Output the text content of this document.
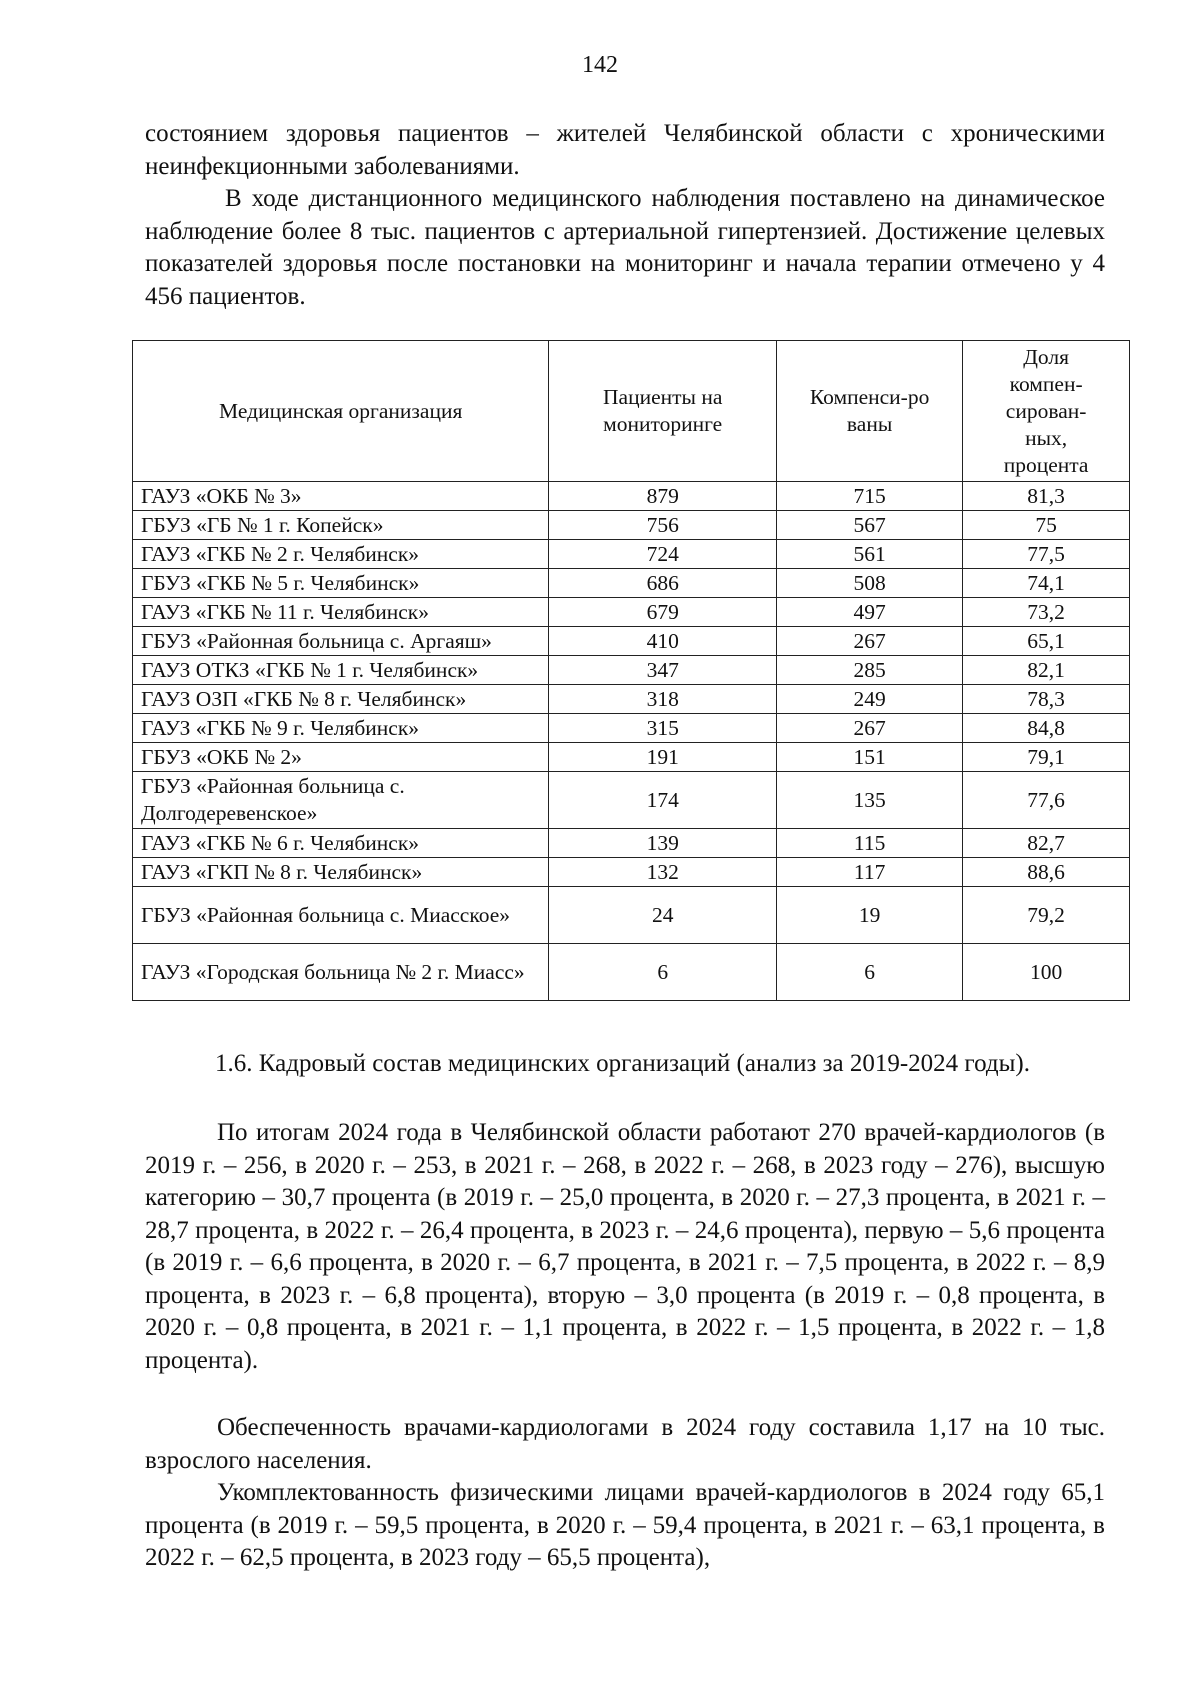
142

состоянием здоровья пациентов – жителей Челябинской области с хроническими неинфекционными заболеваниями.

В ходе дистанционного медицинского наблюдения поставлено на динамическое наблюдение более 8 тыс. пациентов с артериальной гипертензией. Достижение целевых показателей здоровья после постановки на мониторинг и начала терапии отмечено у 4 456 пациентов.

Медицинская организация	Пациенты на мониторинге	Компенси-рованы	Доля компен-сирован-ных, процента

ГАУЗ «ОКБ № 3»	879	715	81,3
ГБУЗ «ГБ № 1 г. Копейск»	756	567	75
ГАУЗ «ГКБ № 2 г. Челябинск»	724	561	77,5
ГБУЗ «ГКБ № 5 г. Челябинск»	686	508	74,1
ГАУЗ «ГКБ № 11 г. Челябинск»	679	497	73,2
ГБУЗ «Районная больница с. Аргаяш»	410	267	65,1
ГАУЗ ОТКЗ «ГКБ № 1 г. Челябинск»	347	285	82,1
ГАУЗ ОЗП «ГКБ № 8 г. Челябинск»	318	249	78,3
ГАУЗ «ГКБ № 9 г. Челябинск»	315	267	84,8
ГБУЗ «ОКБ № 2»	191	151	79,1
ГБУЗ «Районная больница с. Долгодеревенское»	174	135	77,6
ГАУЗ «ГКБ № 6 г. Челябинск»	139	115	82,7
ГАУЗ «ГКП № 8 г. Челябинск»	132	117	88,6
ГБУЗ «Районная больница с. Миасское»	24	19	79,2
ГАУЗ «Городская больница № 2 г. Миасс»	6	6	100

1.6. Кадровый состав медицинских организаций (анализ за 2019-2024 годы).

По итогам 2024 года в Челябинской области работают 270 врачей-кардиологов (в 2019 г. – 256, в 2020 г. – 253, в 2021 г. – 268, в 2022 г. – 268, в 2023 году – 276), высшую категорию – 30,7 процента (в 2019 г. – 25,0 процента, в 2020 г. – 27,3 процента, в 2021 г. – 28,7 процента, в 2022 г. – 26,4 процента, в 2023 г. – 24,6 процента), первую – 5,6 процента (в 2019 г. – 6,6 процента, в 2020 г. – 6,7 процента, в 2021 г. – 7,5 процента, в 2022 г. – 8,9 процента, в 2023 г. – 6,8 процента), вторую – 3,0 процента (в 2019 г. – 0,8 процента, в 2020 г. – 0,8 процента, в 2021 г. – 1,1 процента, в 2022 г. – 1,5 процента, в 2022 г. – 1,8 процента).

Обеспеченность врачами-кардиологами в 2024 году составила 1,17 на 10 тыс. взрослого населения.

Укомплектованность физическими лицами врачей-кардиологов в 2024 году 65,1 процента (в 2019 г. – 59,5 процента, в 2020 г. – 59,4 процента, в 2021 г. – 63,1 процента, в 2022 г. – 62,5 процента, в 2023 году – 65,5 процента),
